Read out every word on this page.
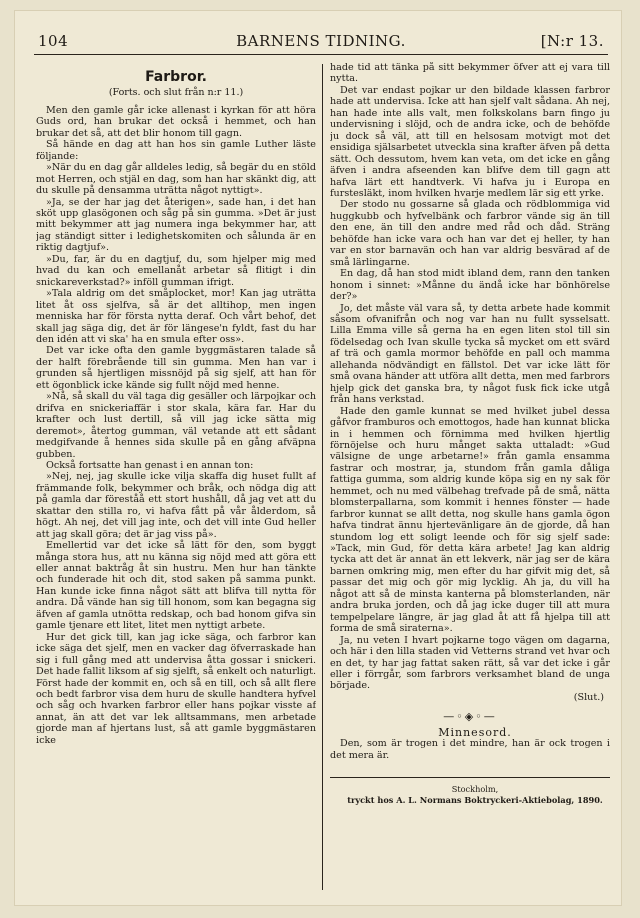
104	BARNENS TIDNING.	[N:r 13.

Farbror.

(Forts. och slut från n:r 11.)

Men den gamle går icke allenast i kyrkan för att höra Guds ord, han brukar det också i hemmet, och han brukar det så, att det blir honom till gagn.

Så hände en dag att han hos sin gamle Luther läste följande:

»När du en dag går alldeles ledig, så begär du en stöld mot Herren, och stjäl en dag, som han har skänkt dig, att du skulle på densamma uträtta något nyttigt».

»Ja, se der har jag det återigen», sade han, i det han sköt upp glasögonen och såg på sin gumma. »Det är just mitt bekymmer att jag numera inga bekymmer har, att jag ständigt sitter i ledighetskomiten och sålunda är en riktig dagtjuf».

»Du, far, är du en dagtjuf, du, som hjelper mig med hvad du kan och emellanåt arbetar så flitigt i din snickareverkstad?» inföll gumman ifrigt.

»Tala aldrig om det småplocket, mor! Kan jag uträtta litet åt oss sjelfva, så är det alltihop, men ingen menniska har för första nytta deraf. Och vårt behof, det skall jag säga dig, det är för längese'n fyldt, fast du har den idén att vi ska' ha en smula efter oss».

Det var icke ofta den gamle byggmästaren talade så der halft förebrående till sin gumma. Men han var i grunden så hjertligen missnöjd på sig sjelf, att han för ett ögonblick icke kände sig fullt nöjd med henne.

»Nå, så skall du väl taga dig gesäller och lärpojkar och drifva en snickeriaffär i stor skala, kära far. Har du krafter och lust dertill, så vill jag icke sätta mig deremot», återtog gumman, väl vetande att ett sådant medgifvande å hennes sida skulle på en gång afväpna gubben.

Också fortsatte han genast i en annan ton:

»Nej, nej, jag skulle icke vilja skaffa dig huset fullt af främmande folk, bekymmer och bråk, och nödga dig att på gamla dar föreståå ett stort hushåll, då jag vet att du skattar den stilla ro, vi hafva fått på vår ålderdom, så högt. Ah nej, det vill jag inte, och det vill inte Gud heller att jag skall göra; det är jag viss på».

Emellertid var det icke så lätt för den, som byggt många stora hus, att nu känna sig nöjd med att göra ett eller annat baktråg åt sin hustru. Men hur han tänkte och funderade hit och dit, stod saken på samma punkt. Han kunde icke finna något sätt att blifva till nytta för andra. Då vände han sig till honom, som kan begagna sig äfven af gamla utnötta redskap, och bad honom gifva sin gamle tjenare ett litet, litet men nyttigt arbete.

Hur det gick till, kan jag icke säga, och farbror kan icke säga det sjelf, men en vacker dag öfverraskade han sig i full gång med att undervisa åtta gossar i snickeri. Det hade fallit liksom af sig sjelft, så enkelt och naturligt. Först hade der kommit en, och så en till, och så allt flere och bedt farbror visa dem huru de skulle handtera hyfvel och såg och hvarken farbror eller hans pojkar visste af annat, än att det var lek alltsammans, men arbetade gjorde man af hjertans lust, så att gamle byggmästaren icke

hade tid att tänka på sitt bekymmer öfver att ej vara till nytta.

Det var endast pojkar ur den bildade klassen farbror hade att undervisa. Icke att han sjelf valt sådana. Ah nej, han hade inte alls valt, men folkskolans barn fingo ju undervisning i slöjd, och de andra icke, och de behöfde ju dock så väl, att till en helsosam motvigt mot det ensidiga själsarbetet utveckla sina krafter äfven på detta sätt. Och dessutom, hvem kan veta, om det icke en gång äfven i andra afseenden kan blifve dem till gagn att hafva lärt ett handtverk. Vi hafva ju i Europa en furstesläkt, inom hvilken hvarje medlem lär sig ett yrke.

Der stodo nu gossarne så glada och rödblommiga vid huggkubb och hyfvelbänk och farbror vände sig än till den ene, än till den andre med råd och dåd. Sträng behöfde han icke vara och han var det ej heller, ty han var en stor barnavän och han var aldrig besvärad af de små lärlingarne.

En dag, då han stod midt ibland dem, rann den tanken honom i sinnet: »Månne du ändå icke har bönhörelse der?»

Jo, det måste väl vara så, ty detta arbete hade kommit såsom ofvanifrån och nog var han nu fullt sysselsatt. Lilla Emma ville så gerna ha en egen liten stol till sin födelsedag och Ivan skulle tycka så mycket om ett svärd af trä och gamla mormor behöfde en pall och mamma allehanda nödvändigt en fällstol. Det var icke lätt för små ovana händer att utföra allt detta, men med farbrors hjelp gick det ganska bra, ty något fusk fick icke utgå från hans verkstad.

Hade den gamle kunnat se med hvilket jubel dessa gåfvor framburos och emottogos, hade han kunnat blicka in i hemmen och förnimma med hvilken hjertlig förnöjelse och huru månget sakta uttaladt: »Gud välsigne de unge arbetarne!» från gamla ensamma fastrar och mostrar, ja, stundom från gamla dåliga fattiga gumma, som aldrig kunde köpa sig en ny sak för hemmet, och nu med välbehag trefvade på de små, nätta blomsterpallarna, som kommit i hennes fönster — hade farbror kunnat se allt detta, nog skulle hans gamla ögon hafva tindrat ännu hjertevänligare än de gjorde, då han stundom log ett soligt leende och för sig sjelf sade: »Tack, min Gud, för detta kära arbete! Jag kan aldrig tycka att det är annat än ett lekverk, när jag ser de kära barnen omkring mig, men efter du har gifvit mig det, så passar det mig och gör mig lycklig. Ah ja, du vill ha något att så de minsta kanterna på blomsterlanden, när andra bruka jorden, och då jag icke duger till att mura tempelpelare längre, är jag glad åt att få hjelpa till att forma de små siraterna».

Ja, nu veten I hvart pojkarne togo vägen om dagarna, och här i den lilla staden vid Vetterns strand vet hvar och en det, ty har jag fattat saken rätt, så var det icke i går eller i förrgår, som farbrors verksamhet bland de unga började.

(Slut.)

—◦◈◦—

Minnesord.

Den, som är trogen i det mindre, han är ock trogen i det mera är.

Stockholm,

tryckt hos A. L. Normans Boktryckeri-Aktiebolag, 1890.
